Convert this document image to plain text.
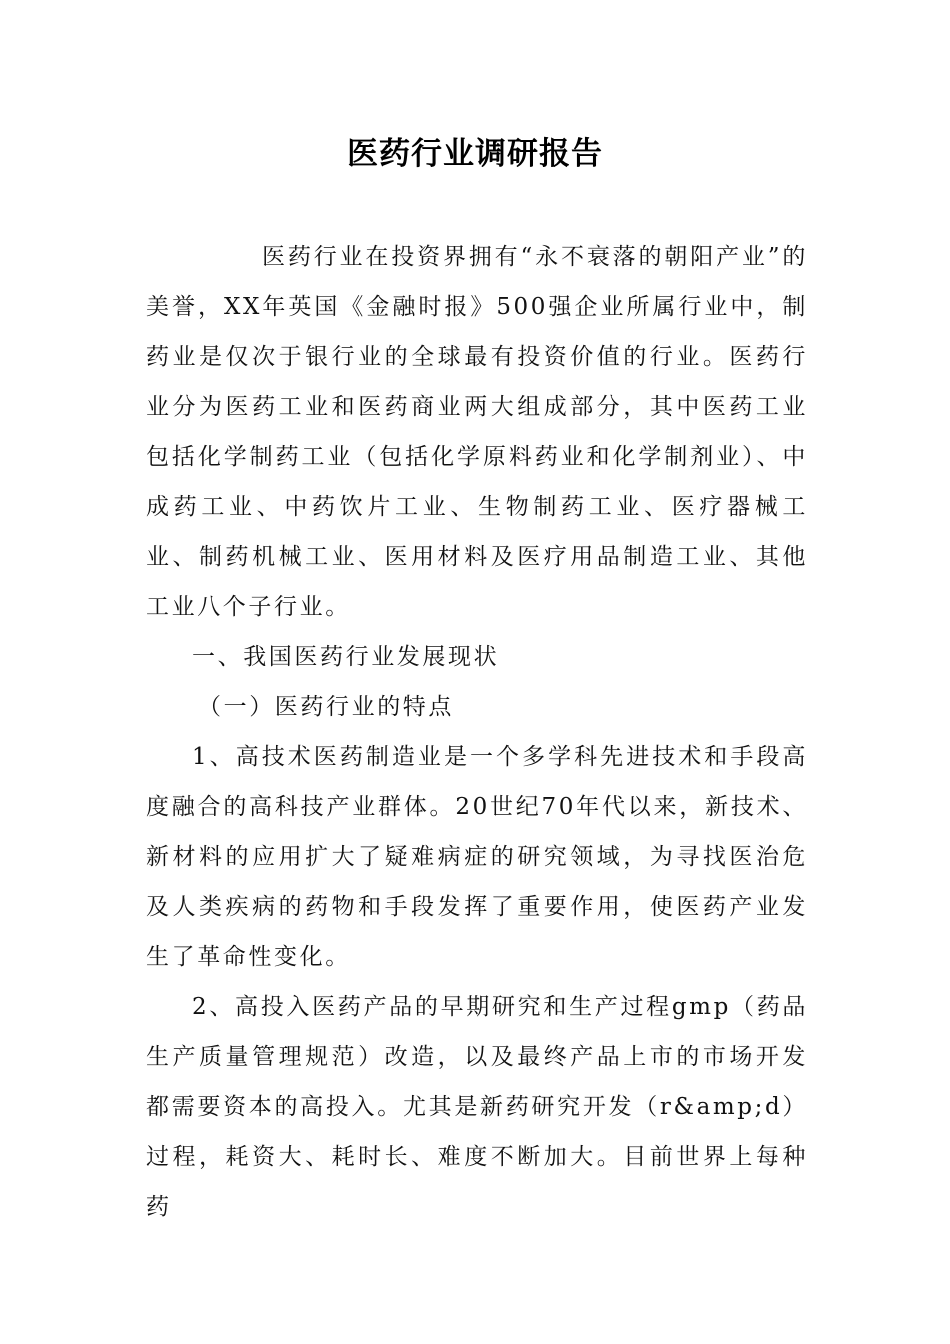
医药行业调研报告

医药行业在投资界拥有“永不衰落的朝阳产业”的美誉，XX年英国《金融时报》500强企业所属行业中，制药业是仅次于银行业的全球最有投资价值的行业。医药行业分为医药工业和医药商业两大组成部分，其中医药工业包括化学制药工业（包括化学原料药业和化学制剂业）、中成药工业、中药饮片工业、生物制药工业、医疗器械工业、制药机械工业、医用材料及医疗用品制造工业、其他工业八个子行业。

一、我国医药行业发展现状

（一）医药行业的特点

1、高技术医药制造业是一个多学科先进技术和手段高度融合的高科技产业群体。20世纪70年代以来，新技术、新材料的应用扩大了疑难病症的研究领域，为寻找医治危及人类疾病的药物和手段发挥了重要作用，使医药产业发生了革命性变化。

2、高投入医药产品的早期研究和生产过程gmp（药品生产质量管理规范）改造，以及最终产品上市的市场开发都需要资本的高投入。尤其是新药研究开发（r&amp;d）过程，耗资大、耗时长、难度不断加大。目前世界上每种药
